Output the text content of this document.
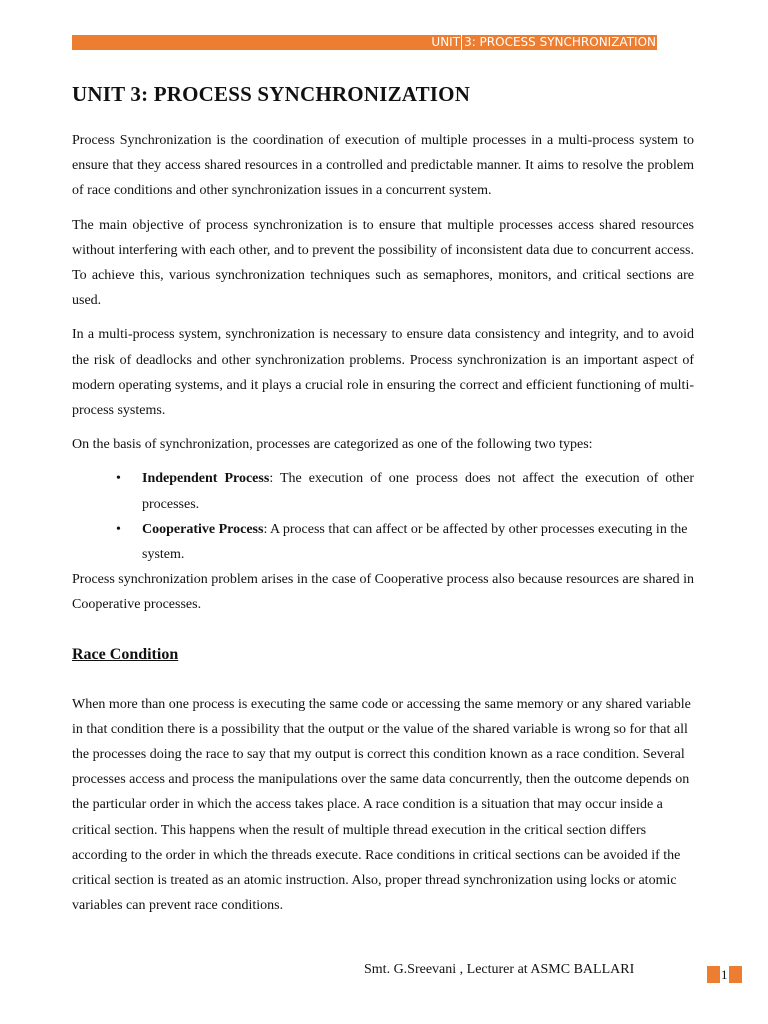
UNIT 3: PROCESS SYNCHRONIZATION
UNIT 3: PROCESS SYNCHRONIZATION

Process Synchronization is the coordination of execution of multiple processes in a multi-process system to ensure that they access shared resources in a controlled and predictable manner. It aims to resolve the problem of race conditions and other synchronization issues in a concurrent system.

The main objective of process synchronization is to ensure that multiple processes access shared resources without interfering with each other, and to prevent the possibility of inconsistent data due to concurrent access. To achieve this, various synchronization techniques such as semaphores, monitors, and critical sections are used.

In a multi-process system, synchronization is necessary to ensure data consistency and integrity, and to avoid the risk of deadlocks and other synchronization problems. Process synchronization is an important aspect of modern operating systems, and it plays a crucial role in ensuring the correct and efficient functioning of multi-process systems.

On the basis of synchronization, processes are categorized as one of the following two types:

• Independent Process: The execution of one process does not affect the execution of other processes.
• Cooperative Process: A process that can affect or be affected by other processes executing in the system.

Process synchronization problem arises in the case of Cooperative process also because resources are shared in Cooperative processes.

Race Condition

When more than one process is executing the same code or accessing the same memory or any shared variable in that condition there is a possibility that the output or the value of the shared variable is wrong so for that all the processes doing the race to say that my output is correct this condition known as a race condition. Several processes access and process the manipulations over the same data concurrently, then the outcome depends on the particular order in which the access takes place. A race condition is a situation that may occur inside a critical section. This happens when the result of multiple thread execution in the critical section differs according to the order in which the threads execute. Race conditions in critical sections can be avoided if the critical section is treated as an atomic instruction. Also, proper thread synchronization using locks or atomic variables can prevent race conditions.

Smt. G.Sreevani , Lecturer at ASMC BALLARI	1
